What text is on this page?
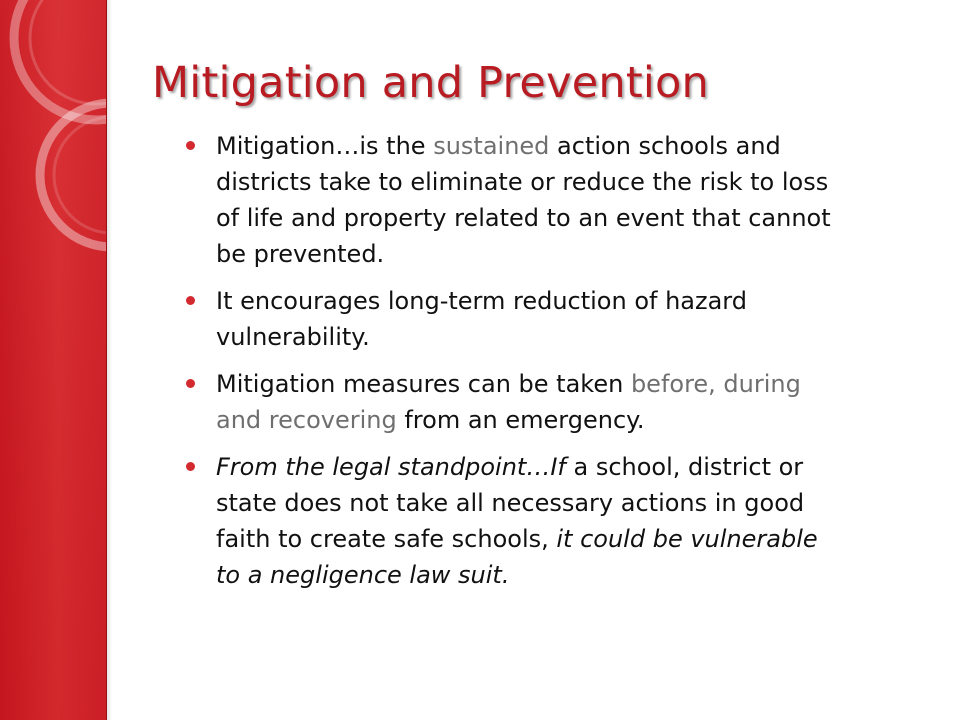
Mitigation and Prevention
Mitigation…is the sustained action schools and districts take to eliminate or reduce the risk to loss of life and property related to an event that cannot be prevented.
It encourages long-term reduction of hazard vulnerability.
Mitigation measures can be taken before, during and recovering from an emergency.
From the legal standpoint…If a school, district or state does not take all necessary actions in good faith to create safe schools, it could be vulnerable to a negligence law suit.
